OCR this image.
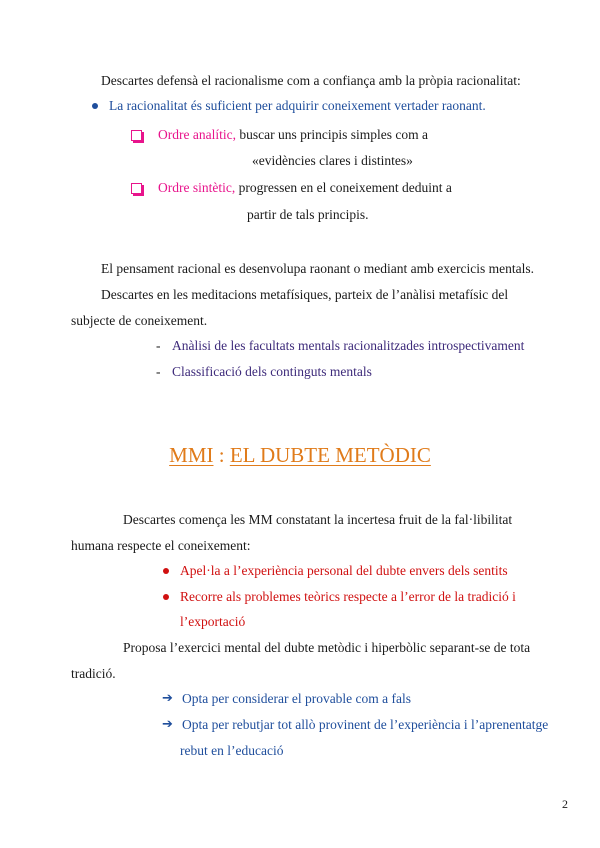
Descartes defensà el racionalisme com a confiança amb la pròpia racionalitat:
La racionalitat és suficient per adquirir coneixement vertader raonant.
Ordre analític, buscar uns principis simples com a
«evidències clares i distintes»
Ordre sintètic, progressen en el coneixement deduint a
partir de tals principis.
El pensament racional es desenvolupa raonant o mediant amb exercicis mentals.
Descartes en les meditacions metafísiques, parteix de l’anàlisi metafísic del
subjecte de coneixement.
- Anàlisi de les facultats mentals racionalitzades introspectivament
- Classificació dels continguts mentals
MMI : EL DUBTE METÒDIC
Descartes comença les MM constatant la incertesa fruit de la fal·libilitat
humana respecte el coneixement:
Apel·la a l’experiència personal del dubte envers dels sentits
Recorre als problemes teòrics respecte a l’error de la tradició i
l’exportació
Proposa l’exercici mental del dubte metòdic i hiperbòlic separant-se de tota
tradició.
➔ Opta per considerar el provable com a fals
➔ Opta per rebutjar tot allò provinent de l’experiència i l’aprenentatge
rebut en l’educació
2
